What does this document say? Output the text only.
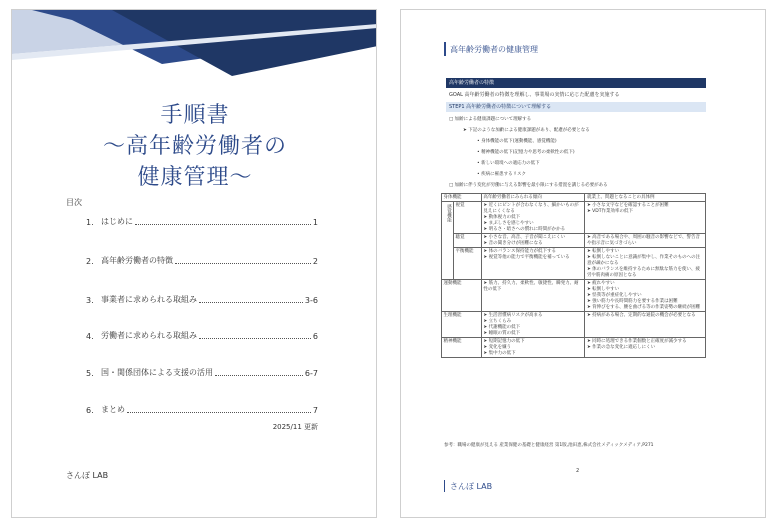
手順書
〜高年齢労働者の
健康管理〜
目次
1. はじめに	1
2. 高年齢労働者の特徴	2
3. 事業者に求められる取組み	3-6
4. 労働者に求められる取組み	6
5. 国・関係団体による支援の活用	6-7
6. まとめ	7
2025/11 更新
さんぽ LAB
高年齢労働者の健康管理
高年齢労働者の特徴
GOAL 高年齢労働者の特徴を理解し、事業場の実情に応じた配慮を実施する
STEP1 高年齢労働者の特徴について理解する
□ 加齢による健康課題について理解する
➤ 下記のような加齢による健康課題があり、配慮が必要となる
• 身体機能の低下(運動機能、感覚機能)
• 精神機能の低下(記憶力や思考の柔軟性の低下)
• 新しい環境への適応力の低下
• 疾病に罹患するリスク
□ 加齢に伴う変化が労働に与える影響を最小限にする措置を講じる必要がある
身体機能		高年齢労働者にみられる傾向	就業上、問題となることの具体例
感覚機能	視覚	➤ 近くにピントが合わなくなり、細かいものが見えにくくなる
➤ 動体視力の低下
➤ まぶしさを感じやすい
➤ 明るさ・暗さへの慣れに時間がかかる	➤ 小さな文字などを確認することが困難
➤ VDT作業効率の低下

	聴覚	➤ 小さな音、高音、子音が聞こえにくい
➤ 音の聞き分けが困難になる	➤ 高音である場合や、周囲の騒音の影響などで、警告音や指示音に気づきづらい

	平衡機能	➤ 体のバランス保持能力が低下する
➤ 視覚等他の能力で平衡機能を補っている	➤ 転倒しやすい
➤ 転倒しないことに意識が集中し、作業そのものへの注意が疎かになる
➤ 体のバランスを維持するために無駄な筋力を使い、疲労や筋肉痛の原因となる

運動機能		➤ 筋力、持久力、柔軟性、敏捷性、瞬発力、耐性の低下	➤ 疲れやすい
➤ 転倒しやすい
➤ 怪我等が重症化しやすい
➤ 強い筋力や長時間筋力を要する作業は困難
➤ 背伸びをする、腰を曲げる等の作業姿勢の継続が困難

生理機能		➤ 生活習慣病リスクが高まる
➤ 立ちくらみ
➤ 代謝機能の低下
➤ 睡眠の質の低下	➤ 持病がある場合、定期的な通院の機会が必要となる

精神機能		➤ 短期記憶力の低下
➤ 変化を嫌う
➤ 集中力の低下	➤ 同時に処理できる作業個数と正確度が減少する
➤ 作業の急な変化に適応しにくい
参考：職場の健康が見える 産業保健の基礎と健康経営 第1版,池田恵,株式会社メディックメディア,P271
2
さんぽ LAB
